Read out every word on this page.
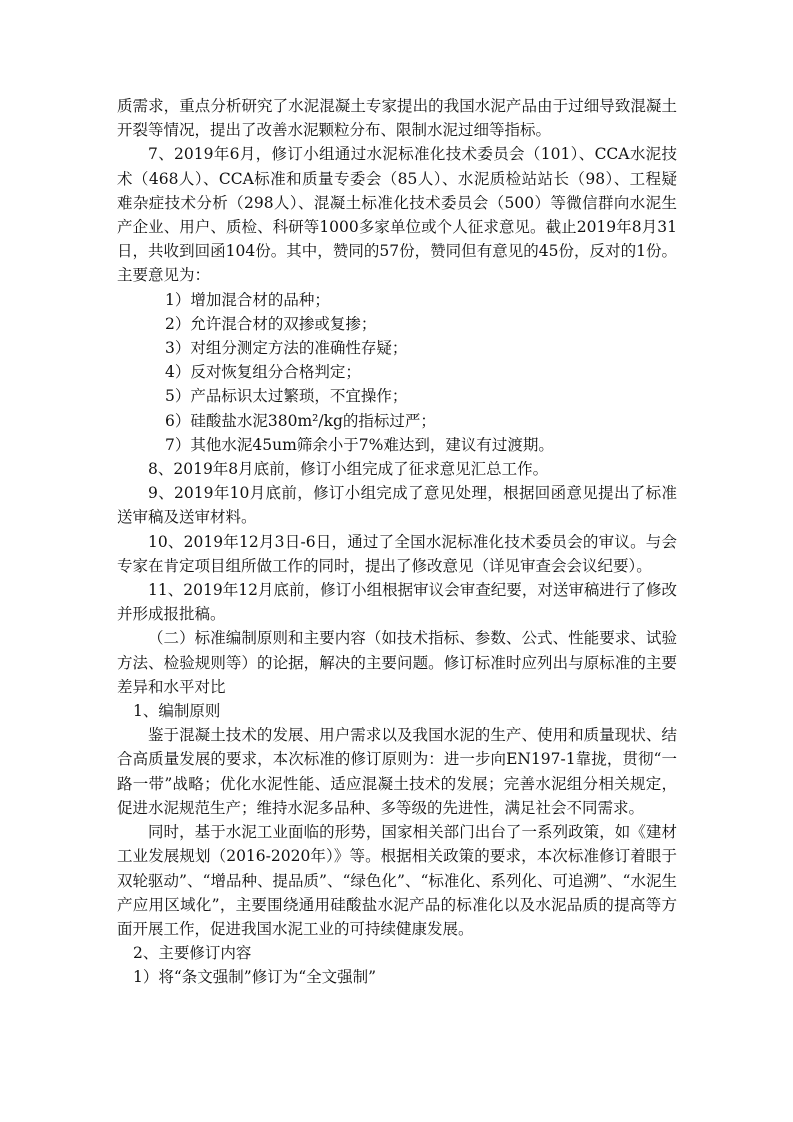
质需求，重点分析研究了水泥混凝土专家提出的我国水泥产品由于过细导致混凝土开裂等情况，提出了改善水泥颗粒分布、限制水泥过细等指标。

7、2019年6月，修订小组通过水泥标准化技术委员会（101）、CCA水泥技术（468人）、CCA标准和质量专委会（85人）、水泥质检站站长（98）、工程疑难杂症技术分析（298人）、混凝土标准化技术委员会（500）等微信群向水泥生产企业、用户、质检、科研等1000多家单位或个人征求意见。截止2019年8月31日，共收到回函104份。其中，赞同的57份，赞同但有意见的45份，反对的1份。主要意见为：

1）增加混合材的品种；

2）允许混合材的双掺或复掺；

3）对组分测定方法的准确性存疑；

4）反对恢复组分合格判定；

5）产品标识太过繁琐，不宜操作；

6）硅酸盐水泥380m²/kg的指标过严；

7）其他水泥45um筛余小于7%难达到，建议有过渡期。

8、2019年8月底前，修订小组完成了征求意见汇总工作。

9、2019年10月底前，修订小组完成了意见处理，根据回函意见提出了标准送审稿及送审材料。

10、2019年12月3日-6日，通过了全国水泥标准化技术委员会的审议。与会专家在肯定项目组所做工作的同时，提出了修改意见（详见审查会会议纪要）。

11、2019年12月底前，修订小组根据审议会审查纪要，对送审稿进行了修改并形成报批稿。

（二）标准编制原则和主要内容（如技术指标、参数、公式、性能要求、试验方法、检验规则等）的论据，解决的主要问题。修订标准时应列出与原标准的主要差异和水平对比

1、编制原则

鉴于混凝土技术的发展、用户需求以及我国水泥的生产、使用和质量现状、结合高质量发展的要求，本次标准的修订原则为：进一步向EN197-1靠拢，贯彻“一路一带”战略；优化水泥性能、适应混凝土技术的发展；完善水泥组分相关规定，促进水泥规范生产；维持水泥多品种、多等级的先进性，满足社会不同需求。

同时，基于水泥工业面临的形势，国家相关部门出台了一系列政策，如《建材工业发展规划（2016-2020年）》等。根据相关政策的要求，本次标准修订着眼于双轮驱动”、“增品种、提品质”、“绿色化”、“标准化、系列化、可追溯”、“水泥生产应用区域化”，主要围绕通用硅酸盐水泥产品的标准化以及水泥品质的提高等方面开展工作，促进我国水泥工业的可持续健康发展。

2、主要修订内容

1）将“条文强制”修订为“全文强制”
